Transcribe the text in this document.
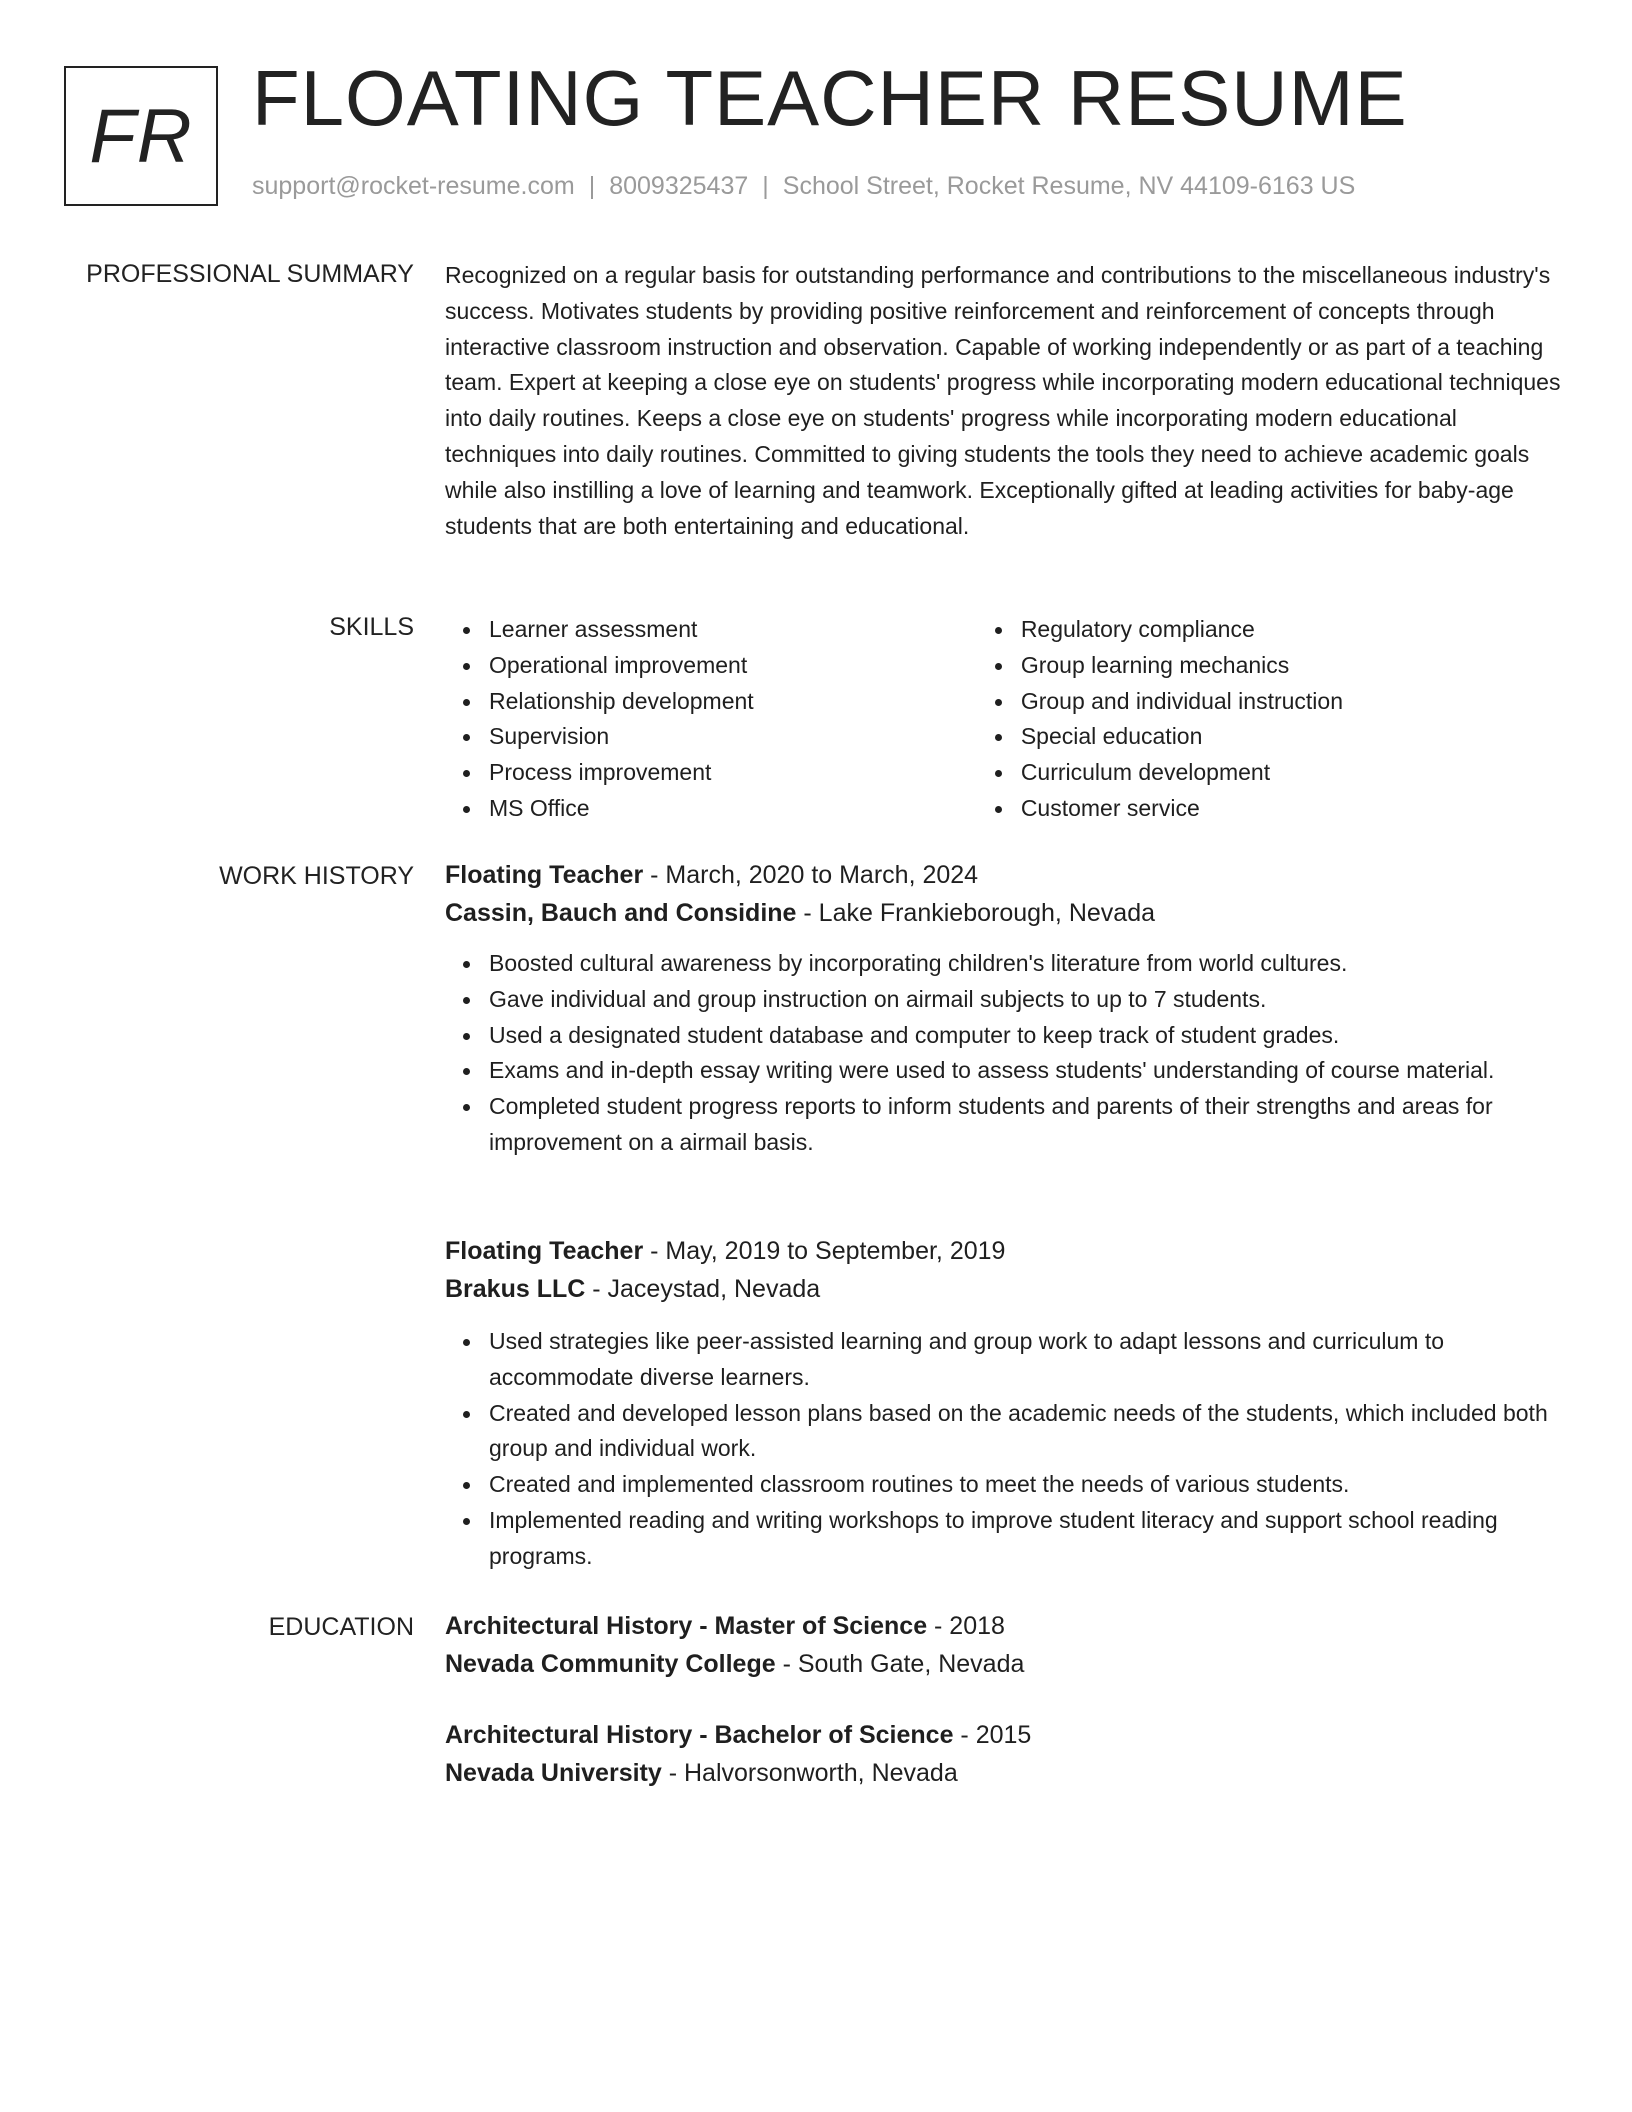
FR FLOATING TEACHER RESUME
support@rocket-resume.com | 8009325437 | School Street, Rocket Resume, NV 44109-6163 US
PROFESSIONAL SUMMARY Recognized on a regular basis for outstanding performance and contributions to the miscellaneous industry's success. Motivates students by providing positive reinforcement and reinforcement of concepts through interactive classroom instruction and observation. Capable of working independently or as part of a teaching team. Expert at keeping a close eye on students' progress while incorporating modern educational techniques into daily routines. Keeps a close eye on students' progress while incorporating modern educational techniques into daily routines. Committed to giving students the tools they need to achieve academic goals while also instilling a love of learning and teamwork. Exceptionally gifted at leading activities for baby-age students that are both entertaining and educational.
SKILLS	Learner assessment
Operational improvement
Relationship development
Supervision
Process improvement
MS Office
Regulatory compliance
Group learning mechanics
Group and individual instruction
Special education
Curriculum development
Customer service
WORK HISTORY Floating Teacher - March, 2020 to March, 2024
Cassin, Bauch and Considine - Lake Frankieborough, Nevada
Boosted cultural awareness by incorporating children's literature from world cultures.
Gave individual and group instruction on airmail subjects to up to 7 students.
Used a designated student database and computer to keep track of student grades.
Exams and in-depth essay writing were used to assess students' understanding of course material.
Completed student progress reports to inform students and parents of their strengths and areas for improvement on a airmail basis.
Floating Teacher - May, 2019 to September, 2019
Brakus LLC - Jaceystad, Nevada
Used strategies like peer-assisted learning and group work to adapt lessons and curriculum to accommodate diverse learners.
Created and developed lesson plans based on the academic needs of the students, which included both group and individual work.
Created and implemented classroom routines to meet the needs of various students.
Implemented reading and writing workshops to improve student literacy and support school reading programs.
EDUCATION Architectural History - Master of Science - 2018
Nevada Community College - South Gate, Nevada
Architectural History - Bachelor of Science - 2015
Nevada University - Halvorsonworth, Nevada
